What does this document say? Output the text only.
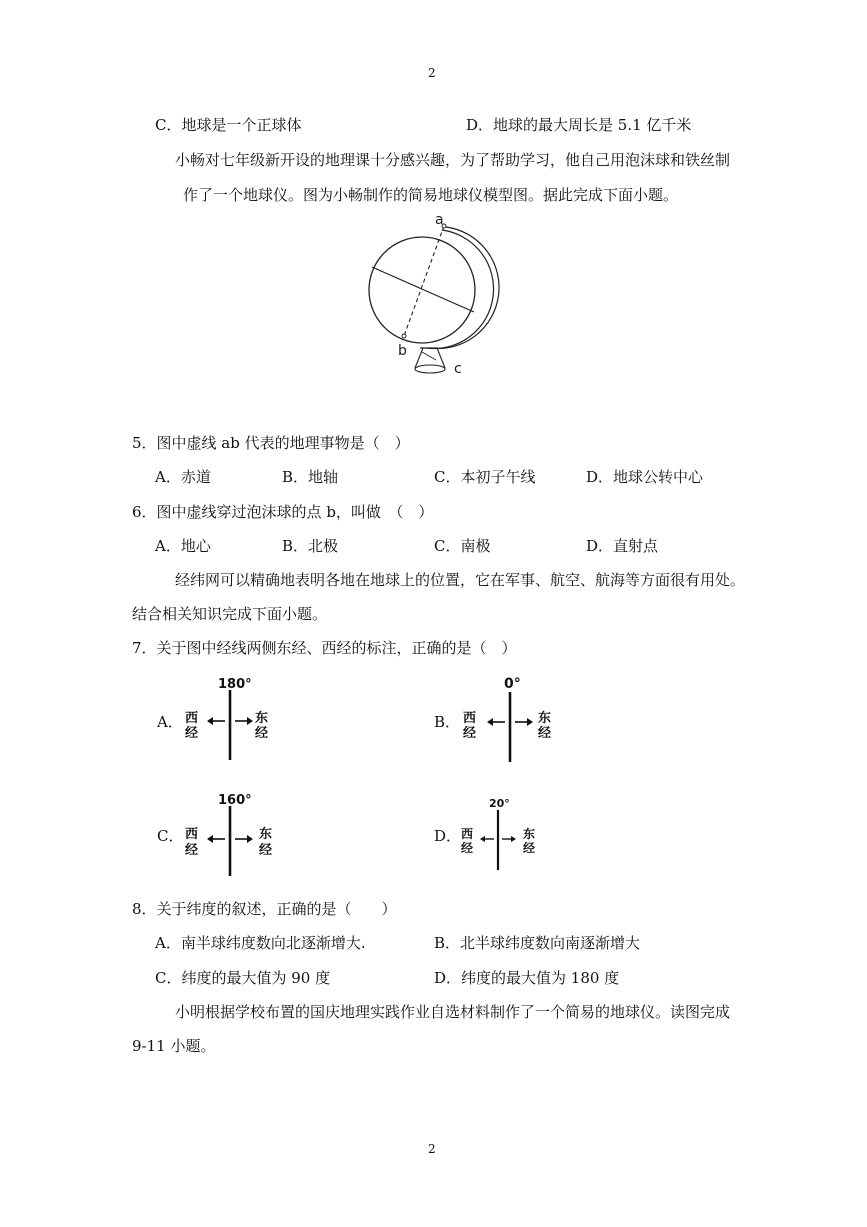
2
C．地球是一个正球体	D．地球的最大周长是 5.1 亿千米
小畅对七年级新开设的地理课十分感兴趣，为了帮助学习，他自己用泡沫球和铁丝制
作了一个地球仪。图为小畅制作的简易地球仪模型图。据此完成下面小题。
a
b
c
5．图中虚线 ab 代表的地理事物是（　）
A．赤道	B．地轴	C．本初子午线	D．地球公转中心
6．图中虚线穿过泡沫球的点 b，叫做　（　）
A．地心	B．北极	C．南极	D．直射点
经纬网可以精确地表明各地在地球上的位置，它在军事、航空、航海等方面很有用处。
结合相关知识完成下面小题。
7．关于图中经线两侧东经、西经的标注，正确的是（　）
A．
180°
西
经
东
经
B．
0°
西
经
东
经
C．
160°
西
经
东
经
D．
20°
西
经
东
经
8．关于纬度的叙述，正确的是（　　）
A．南半球纬度数向北逐渐增大.	B．北半球纬度数向南逐渐增大
C．纬度的最大值为 90 度	D．纬度的最大值为 180 度
小明根据学校布置的国庆地理实践作业自选材料制作了一个简易的地球仪。读图完成
9-11 小题。
2
